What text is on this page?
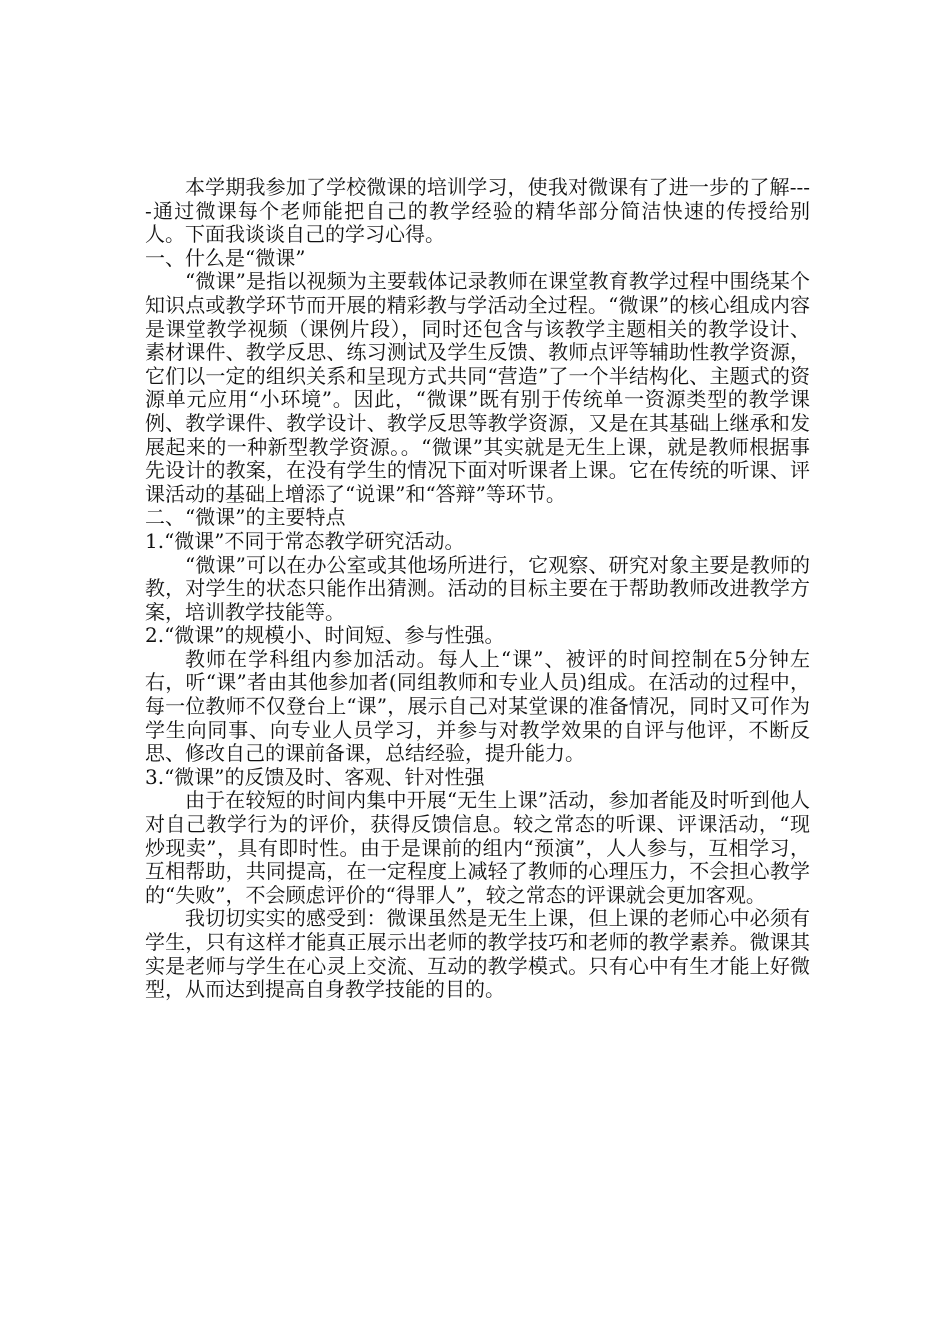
本学期我参加了学校微课的培训学习，使我对微课有了进一步的了解----通过微课每个老师能把自己的教学经验的精华部分简洁快速的传授给别人。下面我谈谈自己的学习心得。

一、什么是“微课”

“微课”是指以视频为主要载体记录教师在课堂教育教学过程中围绕某个知识点或教学环节而开展的精彩教与学活动全过程。“微课”的核心组成内容是课堂教学视频（课例片段），同时还包含与该教学主题相关的教学设计、素材课件、教学反思、练习测试及学生反馈、教师点评等辅助性教学资源，它们以一定的组织关系和呈现方式共同“营造”了一个半结构化、主题式的资源单元应用“小环境”。因此，“微课”既有别于传统单一资源类型的教学课例、教学课件、教学设计、教学反思等教学资源，又是在其基础上继承和发展起来的一种新型教学资源。。“微课”其实就是无生上课，就是教师根据事先设计的教案，在没有学生的情况下面对听课者上课。它在传统的听课、评课活动的基础上增添了“说课”和“答辩”等环节。

二、“微课”的主要特点

1.“微课”不同于常态教学研究活动。

“微课”可以在办公室或其他场所进行，它观察、研究对象主要是教师的教，对学生的状态只能作出猜测。活动的目标主要在于帮助教师改进教学方案，培训教学技能等。

2.“微课”的规模小、时间短、参与性强。

教师在学科组内参加活动。每人上“课”、被评的时间控制在5分钟左右，听“课”者由其他参加者(同组教师和专业人员)组成。在活动的过程中，每一位教师不仅登台上“课”，展示自己对某堂课的准备情况，同时又可作为学生向同事、向专业人员学习，并参与对教学效果的自评与他评，不断反思、修改自己的课前备课，总结经验，提升能力。

3.“微课”的反馈及时、客观、针对性强

由于在较短的时间内集中开展“无生上课”活动，参加者能及时听到他人对自己教学行为的评价，获得反馈信息。较之常态的听课、评课活动，“现炒现卖”，具有即时性。由于是课前的组内“预演”，人人参与，互相学习，互相帮助，共同提高，在一定程度上减轻了教师的心理压力，不会担心教学的“失败”，不会顾虑评价的“得罪人”，较之常态的评课就会更加客观。

我切切实实的感受到：微课虽然是无生上课，但上课的老师心中必须有学生，只有这样才能真正展示出老师的教学技巧和老师的教学素养。微课其实是老师与学生在心灵上交流、互动的教学模式。只有心中有生才能上好微型，从而达到提高自身教学技能的目的。
